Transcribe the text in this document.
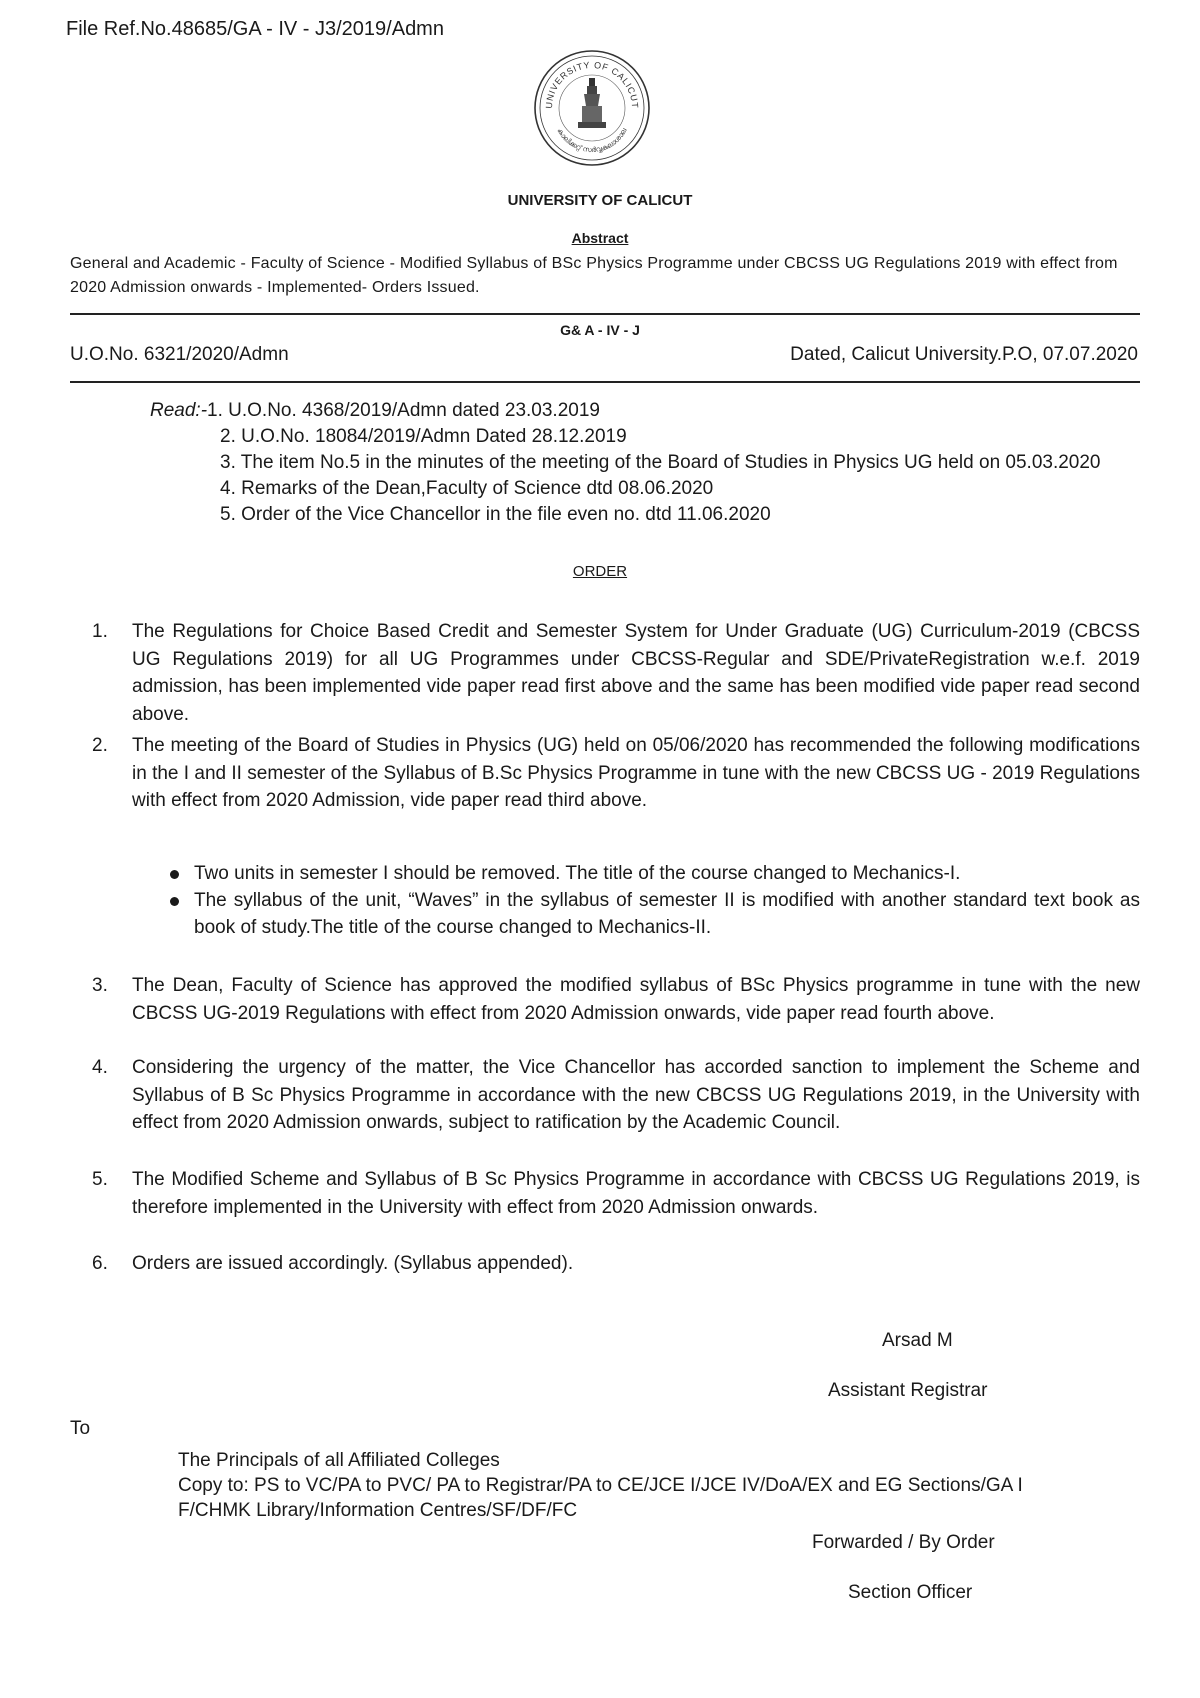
File Ref.No.48685/GA - IV - J3/2019/Admn
UNIVERSITY OF CALICUT
കാലിക്കറ്റ് സർവ്വകലാശാല
UNIVERSITY OF CALICUT
Abstract
General and Academic - Faculty of Science - Modified Syllabus of BSc Physics Programme under CBCSS UG Regulations 2019 with effect from 2020 Admission onwards - Implemented- Orders Issued.
G& A - IV - J
U.O.No. 6321/2020/Admn	Dated, Calicut University.P.O, 07.07.2020

Read:-1. U.O.No. 4368/2019/Admn dated 23.03.2019

2. U.O.No. 18084/2019/Admn Dated 28.12.2019

3. The item No.5 in the minutes of the meeting of the Board of Studies in Physics UG held on 05.03.2020

4. Remarks of the Dean,Faculty of Science dtd 08.06.2020

5. Order of the Vice Chancellor in the file even no. dtd 11.06.2020

ORDER
1.	The Regulations for Choice Based Credit and Semester System for Under Graduate (UG) Curriculum-2019 (CBCSS UG Regulations 2019) for all UG Programmes under CBCSS-Regular and SDE/PrivateRegistration w.e.f. 2019 admission, has been implemented vide paper read first above and the same has been modified vide paper read second above.
2.	The meeting of the Board of Studies in Physics (UG) held on 05/06/2020 has recommended the following modifications in the I and II semester of the Syllabus of B.Sc Physics Programme in tune with the new CBCSS UG - 2019 Regulations with effect from 2020 Admission, vide paper read third above.

Two units in semester I should be removed. The title of the course changed to Mechanics-I.

The syllabus of the unit, “Waves” in the syllabus of semester II is modified with another standard text book as book of study.The title of the course changed to Mechanics-II.

3.	The Dean, Faculty of Science has approved the modified syllabus of BSc Physics programme in tune with the new CBCSS UG-2019 Regulations with effect from 2020 Admission onwards, vide paper read fourth above.
4.	Considering the urgency of the matter, the Vice Chancellor has accorded sanction to implement the Scheme and Syllabus of B Sc Physics Programme in accordance with the new CBCSS UG Regulations 2019, in the University with effect from 2020 Admission onwards, subject to ratification by the Academic Council.
5.	The Modified Scheme and Syllabus of B Sc Physics Programme in accordance with CBCSS UG Regulations 2019, is therefore implemented in the University with effect from 2020 Admission onwards.
6.	Orders are issued accordingly. (Syllabus appended).
Arsad M
Assistant Registrar
To
The Principals of all Affiliated Colleges
Copy to: PS to VC/PA to PVC/ PA to Registrar/PA to CE/JCE I/JCE IV/DoA/EX and EG Sections/GA I F/CHMK Library/Information Centres/SF/DF/FC
Forwarded / By Order
Section Officer
